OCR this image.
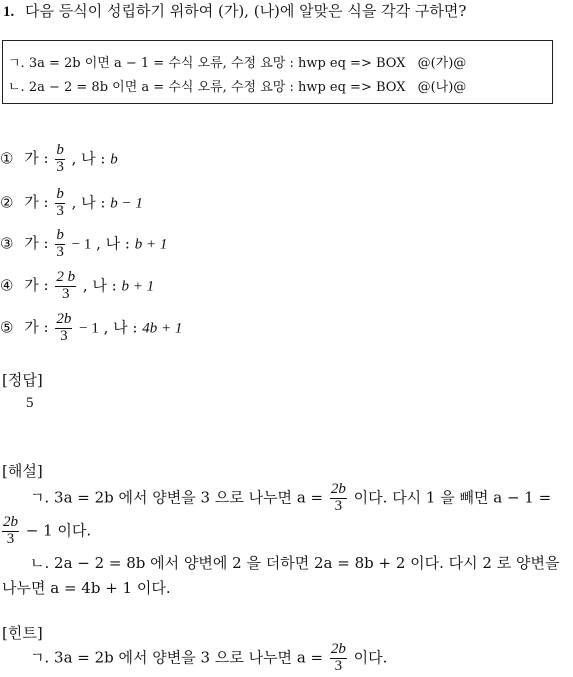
1. 다음 등식이 성립하기 위하여 (가), (나)에 알맞은 식을 각각 구하면?
ㄱ. 3a = 2b 이면 a − 1 = 수식 오류, 수정 요망 : hwp eq => BOX @(가)@
ㄴ. 2a − 2 = 8b 이면 a = 수식 오류, 수정 요망 : hwp eq => BOX @(나)@
① 가 : $\frac{b}{3}$ , 나 : b
② 가 : $\frac{b}{3}$ , 나 : b − 1
③ 가 : $\frac{b}{3} - 1$ , 나 : b + 1
④ 가 : $\frac{2 b}{3}$ , 나 : b + 1
⑤ 가 : $\frac{2b}{3} - 1$ , 나 : 4b + 1
[정답]
5
[해설]
ㄱ. 3a = 2b 에서 양변을 3 으로 나누면 $a = \frac{2b}{3}$ 이다. 다시 1 을 빼면 a − 1 =
$\frac{2b}{3} - 1$ 이다.
ㄴ. 2a − 2 = 8b 에서 양변에 2 을 더하면 2a = 8b + 2 이다. 다시 2 로 양변을
나누면 a = 4b + 1 이다.
[힌트]
ㄱ. 3a = 2b 에서 양변을 3 으로 나누면 $a = \frac{2b}{3}$ 이다.
